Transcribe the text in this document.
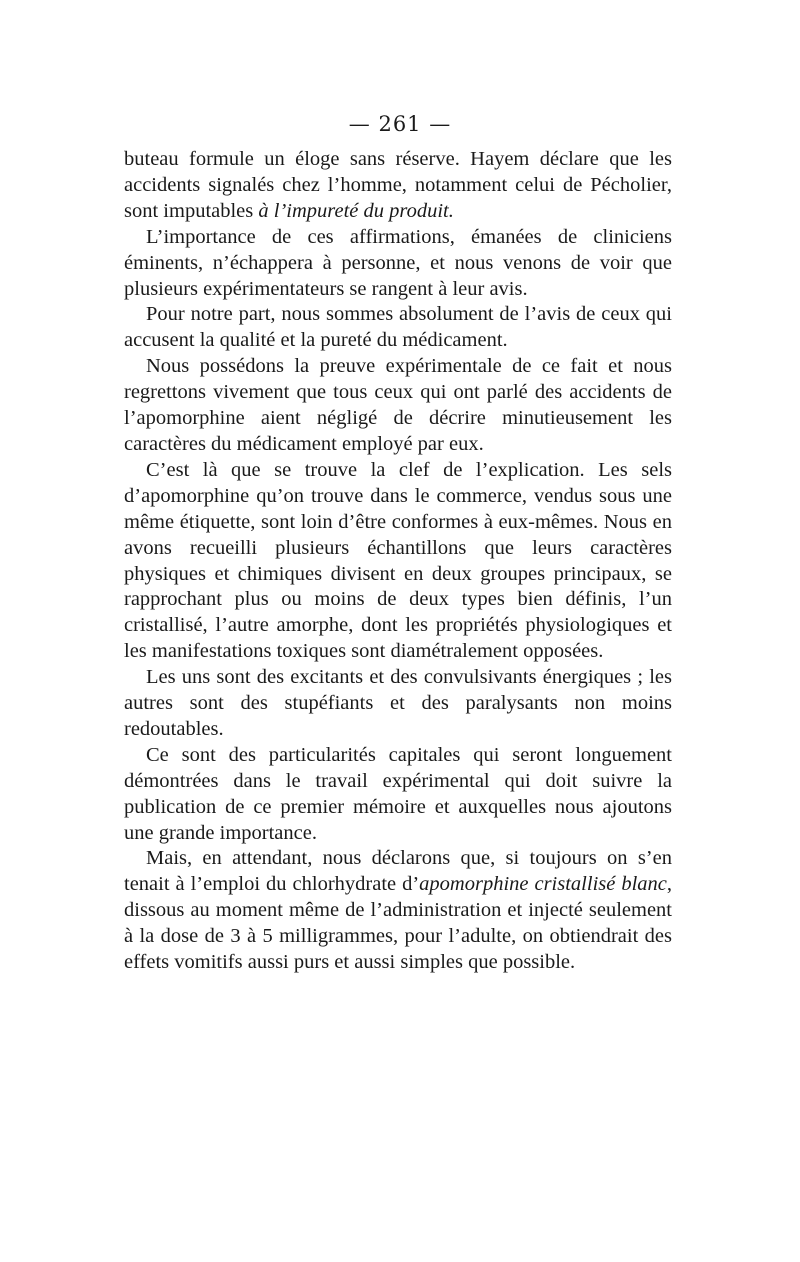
— 261 —

buteau formule un éloge sans réserve. Hayem déclare que les accidents signalés chez l’homme, notamment celui de Pécholier, sont imputables à l’impureté du produit.

L’importance de ces affirmations, émanées de cliniciens éminents, n’échappera à personne, et nous venons de voir que plusieurs expérimentateurs se rangent à leur avis.

Pour notre part, nous sommes absolument de l’avis de ceux qui accusent la qualité et la pureté du médicament.

Nous possédons la preuve expérimentale de ce fait et nous regrettons vivement que tous ceux qui ont parlé des accidents de l’apomorphine aient négligé de décrire minutieusement les caractères du médicament employé par eux.

C’est là que se trouve la clef de l’explication. Les sels d’apomorphine qu’on trouve dans le commerce, vendus sous une même étiquette, sont loin d’être conformes à eux-mêmes. Nous en avons recueilli plusieurs échantillons que leurs caractères physiques et chimiques divisent en deux groupes principaux, se rapprochant plus ou moins de deux types bien définis, l’un cristallisé, l’autre amorphe, dont les propriétés physiologiques et les manifestations toxiques sont diamétralement opposées.

Les uns sont des excitants et des convulsivants énergiques ; les autres sont des stupéfiants et des paralysants non moins redoutables.

Ce sont des particularités capitales qui seront longuement démontrées dans le travail expérimental qui doit suivre la publication de ce premier mémoire et auxquelles nous ajoutons une grande importance.

Mais, en attendant, nous déclarons que, si toujours on s’en tenait à l’emploi du chlorhydrate d’apomorphine cristallisé blanc, dissous au moment même de l’administration et injecté seulement à la dose de 3 à 5 milligrammes, pour l’adulte, on obtiendrait des effets vomitifs aussi purs et aussi simples que possible.
